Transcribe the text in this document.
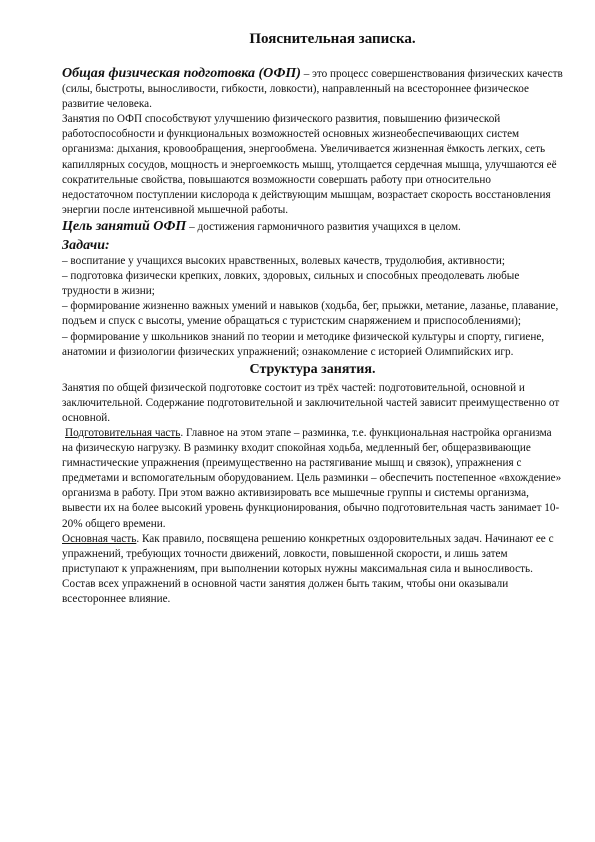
Пояснительная записка.

Общая физическая подготовка (ОФП) – это процесс совершенствования физических качеств (силы, быстроты, выносливости, гибкости, ловкости), направленный на всестороннее физическое развитие человека.

Занятия по ОФП способствуют улучшению физического развития, повышению физической работоспособности и функциональных возможностей основных жизнеобеспечивающих систем организма: дыхания, кровообращения, энергообмена. Увеличивается жизненная ёмкость легких, сеть капиллярных сосудов, мощность и энергоемкость мышц, утолщается сердечная мышца, улучшаются её сократительные свойства, повышаются возможности совершать работу при относительно недостаточном поступлении кислорода к действующим мышцам, возрастает скорость восстановления энергии после интенсивной мышечной работы.

Цель занятий ОФП – достижения гармоничного развития учащихся в целом.

Задачи:

– воспитание у учащихся высоких нравственных, волевых качеств, трудолюбия, активности;

– подготовка физически крепких, ловких, здоровых, сильных и способных преодолевать любые трудности в жизни;

– формирование жизненно важных умений и навыков (ходьба, бег, прыжки, метание, лазанье, плавание, подъем и спуск с высоты, умение обращаться с туристским снаряжением и приспособлениями);

– формирование у школьников знаний по теории и методике физической культуры и спорту, гигиене, анатомии и физиологии физических упражнений; ознакомление с историей Олимпийских игр.

Структура занятия.

Занятия по общей физической подготовке состоит из трёх частей: подготовительной, основной и заключительной. Содержание подготовительной и заключительной частей зависит преимущественно от основной.

Подготовительная часть. Главное на этом этапе – разминка, т.е. функциональная настройка организма на физическую нагрузку. В разминку входит спокойная ходьба, медленный бег, общеразвивающие гимнастические упражнения (преимущественно на растягивание мышц и связок), упражнения с предметами и вспомогательным оборудованием. Цель разминки – обеспечить постепенное «вхождение» организма в работу. При этом важно активизировать все мышечные группы и системы организма, вывести их на более высокий уровень функционирования, обычно подготовительная часть занимает 10-20% общего времени.

Основная часть. Как правило, посвящена решению конкретных оздоровительных задач. Начинают ее с упражнений, требующих точности движений, ловкости, повышенной скорости, и лишь затем приступают к упражнениям, при выполнении которых нужны максимальная сила и выносливость. Состав всех упражнений в основной части занятия должен быть таким, чтобы они оказывали всестороннее влияние.
